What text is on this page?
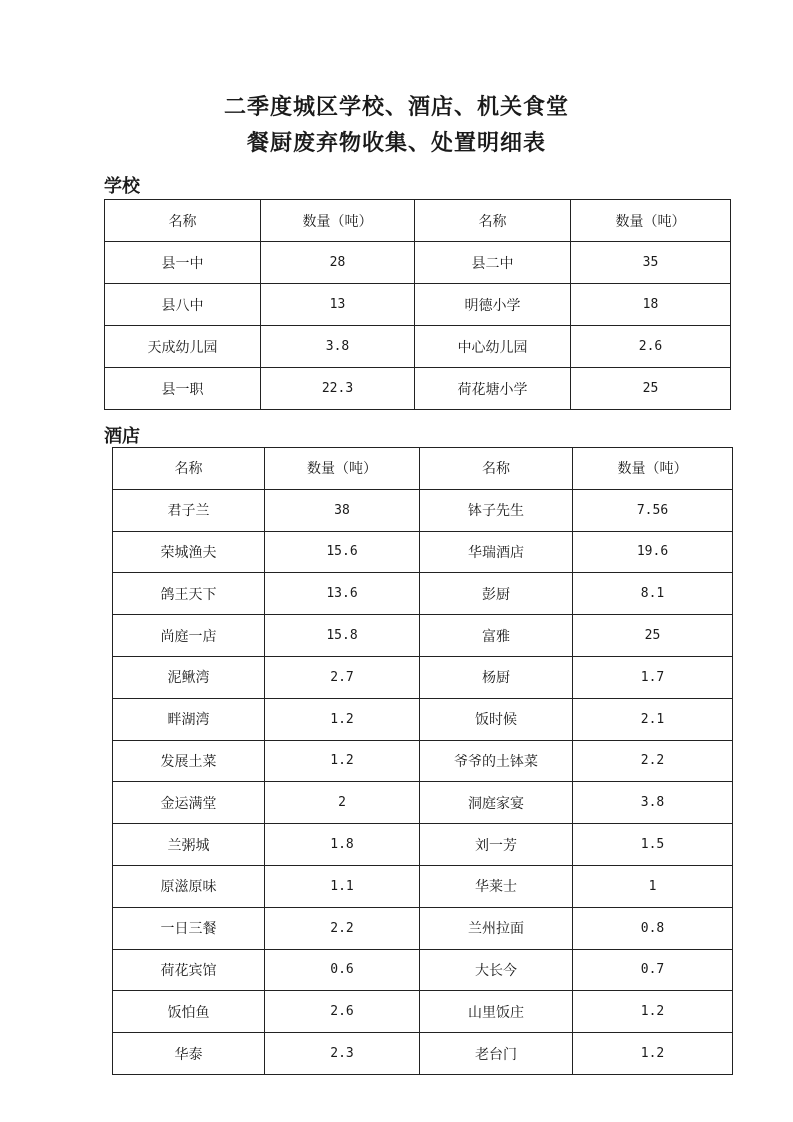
二季度城区学校、酒店、机关食堂
餐厨废弃物收集、处置明细表
学校
名称	数量（吨）	名称	数量（吨）
县一中	28	县二中	35
县八中	13	明德小学	18
天成幼儿园	3.8	中心幼儿园	2.6
县一职	22.3	荷花塘小学	25
酒店
名称	数量（吨）	名称	数量（吨）
君子兰	38	钵子先生	7.56
荣城渔夫	15.6	华瑞酒店	19.6
鸽王天下	13.6	彭厨	8.1
尚庭一店	15.8	富雅	25
泥鳅湾	2.7	杨厨	1.7
畔湖湾	1.2	饭时候	2.1
发展土菜	1.2	爷爷的土钵菜	2.2
金运满堂	2	洞庭家宴	3.8
兰粥城	1.8	刘一芳	1.5
原滋原味	1.1	华莱士	1
一日三餐	2.2	兰州拉面	0.8
荷花宾馆	0.6	大长今	0.7
饭怕鱼	2.6	山里饭庄	1.2
华泰	2.3	老台门	1.2
